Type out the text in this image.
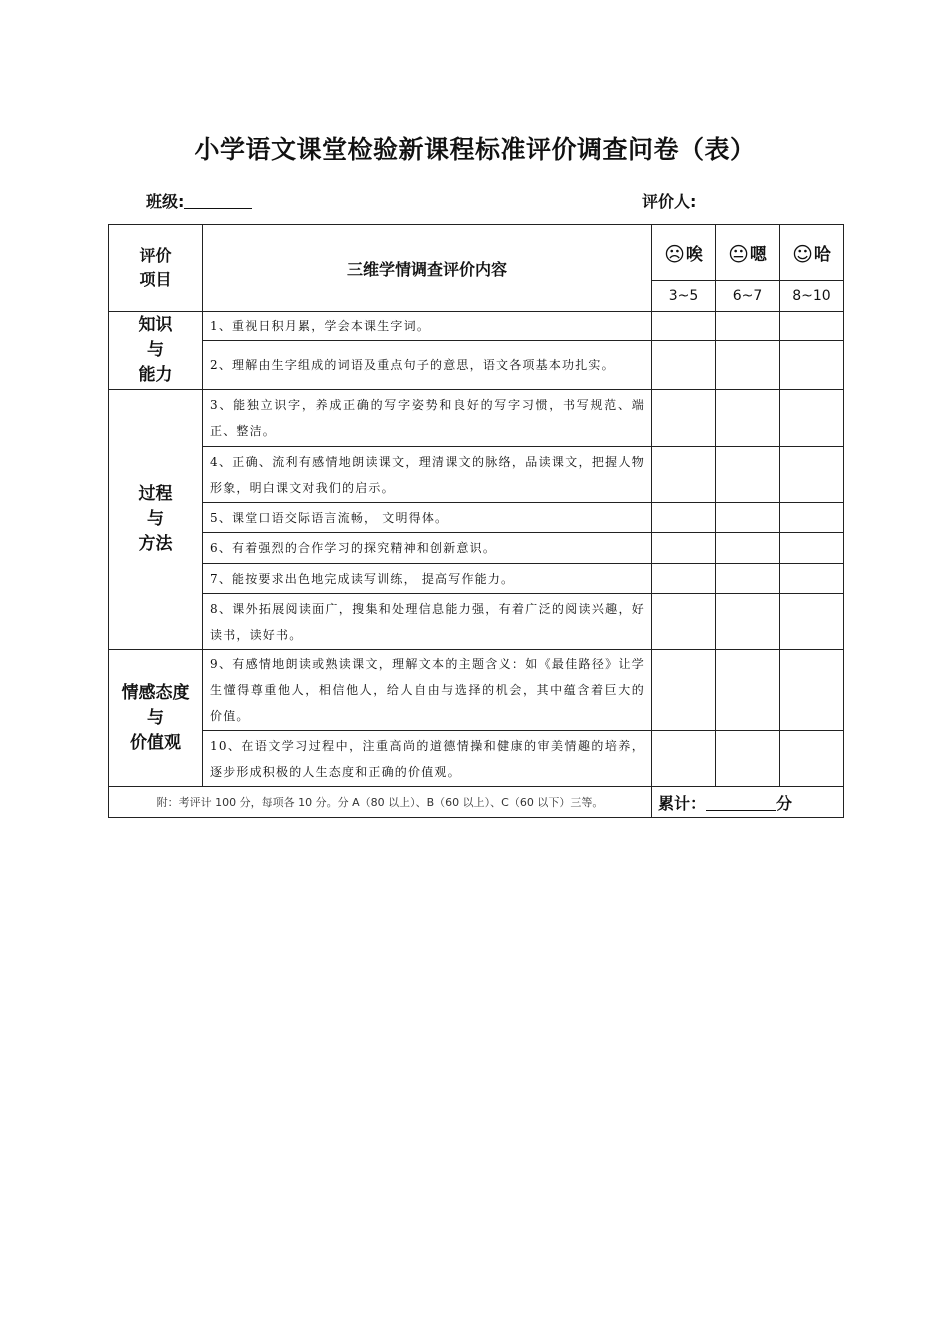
小学语文课堂检验新课程标准评价调查问卷（表）
班级:	评价人:
评价
项目	三维学情调查评价内容	☹唉	😐嗯	☺哈
		3~5	6~7	8~10

知识
与
能力	1、重视日积月累，学会本课生字词。			
	2、理解由生字组成的词语及重点句子的意思，语文各项基本功扎实。			

过程
与
方法	3、能独立识字，养成正确的写字姿势和良好的写字习惯，书写规范、端正、整洁。			
	4、正确、流利有感情地朗读课文，理清课文的脉络，品读课文，把握人物形象，明白课文对我们的启示。			
	5、课堂口语交际语言流畅， 文明得体。			
	6、有着强烈的合作学习的探究精神和创新意识。			
	7、能按要求出色地完成读写训练， 提高写作能力。			
	8、课外拓展阅读面广，搜集和处理信息能力强，有着广泛的阅读兴趣，好读书，读好书。			

情感态度
与
价值观	9、有感情地朗读或熟读课文，理解文本的主题含义：如《最佳路径》让学生懂得尊重他人，相信他人，给人自由与选择的机会，其中蕴含着巨大的价值。			
	10、在语文学习过程中，注重高尚的道德情操和健康的审美情趣的培养，逐步形成积极的人生态度和正确的价值观。			
附：考评计 100 分，每项各 10 分。分 A（80 以上）、B（60 以上）、C（60 以下）三等。		累计： 分		
